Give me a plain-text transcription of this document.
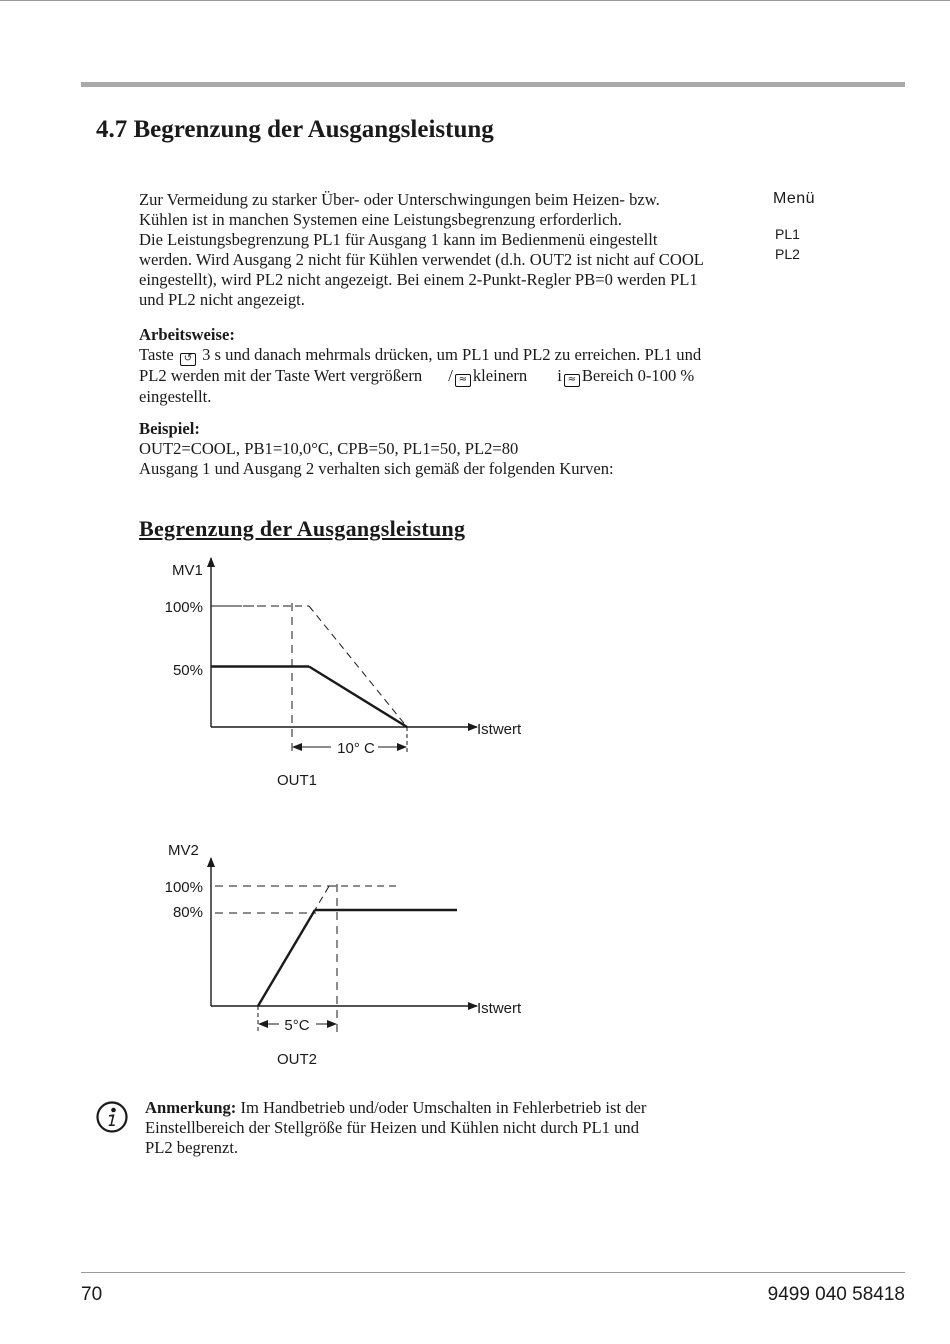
4.7 Begrenzung der Ausgangsleistung
Zur Vermeidung zu starker Über- oder Unterschwingungen beim Heizen- bzw.
Kühlen ist in manchen Systemen eine Leistungsbegrenzung erforderlich.
Die Leistungsbegrenzung PL1 für Ausgang 1 kann im Bedienmenü eingestellt
werden. Wird Ausgang 2 nicht für Kühlen verwendet (d.h. OUT2 ist nicht auf COOL
eingestellt), wird PL2 nicht angezeigt. Bei einem 2-Punkt-Regler PB=0 werden PL1
und PL2 nicht angezeigt.
Menü
PL1
PL2
Arbeitsweise:
Taste ↺ 3 s und danach mehrmals drücken, um PL1 und PL2 zu erreichen. PL1 und
PL2 werden mit der Taste Wert vergrößern / ≈ kleinern i ≈ Bereich 0-100 %
eingestellt.
Beispiel:
OUT2=COOL, PB1=10,0°C, CPB=50, PL1=50, PL2=80
Ausgang 1 und Ausgang 2 verhalten sich gemäß der folgenden Kurven:
Begrenzung der Ausgangsleistung
MV1
Istwert
100%
50%
10° C
OUT1
MV2
Istwert
100%
80%
5°C
OUT2
Anmerkung: Im Handbetrieb und/oder Umschalten in Fehlerbetrieb ist der
Einstellbereich der Stellgröße für Heizen und Kühlen nicht durch PL1 und
PL2 begrenzt.
70	9499 040 58418
